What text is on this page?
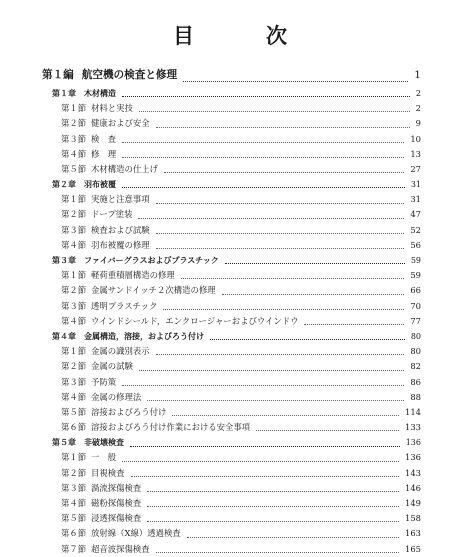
目	次
第１編 航空機の検査と修理	1
第１章 木材構造	2
第１節 材料と実技	2
第２節 健康および安全	9
第３節 検　査	10
第４節 修　理	13
第５節 木材構造の仕上げ	27
第２章 羽布被覆	31
第１節 実施と注意事項	31
第２節 ドープ塗装	47
第３節 検査および試験	52
第４節 羽布被覆の修理	56
第３章 ファイバーグラスおよびプラスチック	59
第１節 軽荷重積層構造の修理	59
第２節 金属サンドイッチ２次構造の修理	66
第３節 透明プラスチック	70
第４節 ウインドシールド，エンクロージャーおよびウインドウ	77
第４章 金属構造，溶接，およびろう付け	80
第１節 金属の識別表示	80
第２節 金属の試験	82
第３節 予防策	86
第４節 金属の修理法	88
第５節 溶接およびろう付け	114
第６節 溶接およびろう付け作業における安全事項	133
第５章 非破壊検査	136
第１節 一　般	136
第２節 目視検査	143
第３節 渦流探傷検査	146
第４節 磁粉探傷検査	149
第５節 浸透探傷検査	158
第６節 放射線（X線）透過検査	163
第７節 超音波探傷検査	165
